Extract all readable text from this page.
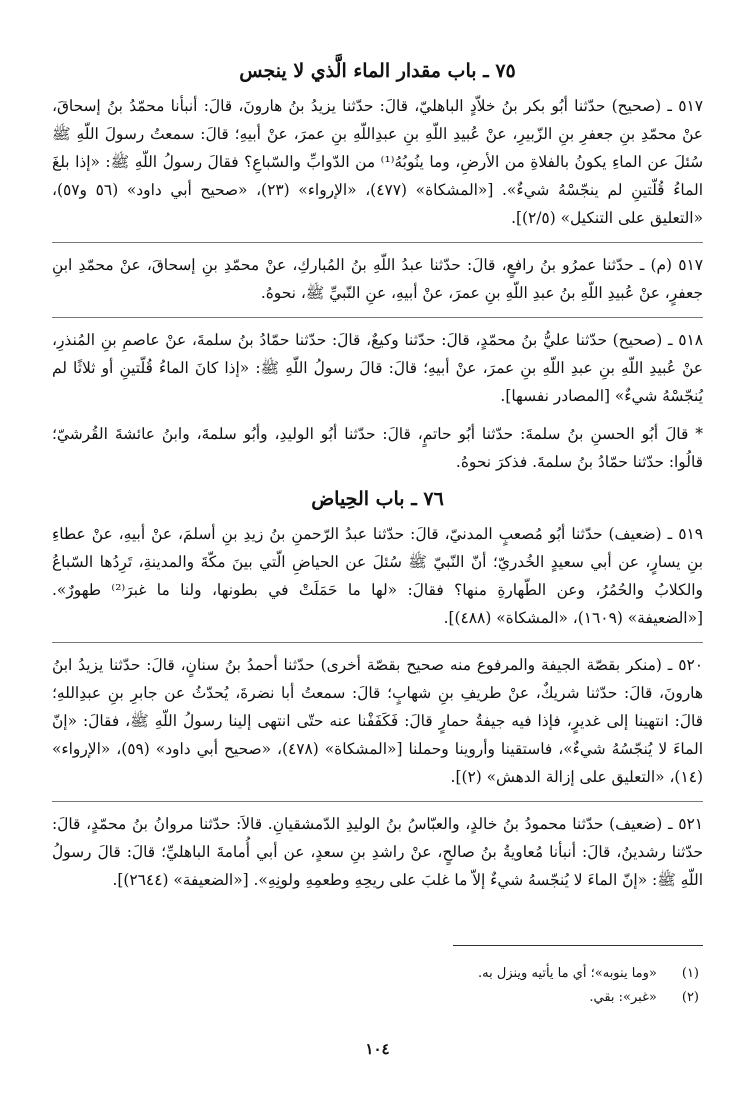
٧٥ ـ باب مقدار الماء الَّذي لا ينجس

٥١٧ ـ (صحيح) حدّثنا أبُو بكر بنُ خلاّدٍ الباهليّ، قالَ: حدّثنا يزيدُ بنُ هارونَ، قالَ: أنبأنا محمّدُ بنُ إسحاقَ، عنْ محمّدِ بنِ جعفرِ بنِ الزّبيرِ، عنْ عُبيدِ اللّهِ بنِ عبدِاللّهِ بنِ عمرَ، عنْ أبيهِ؛ قالَ: سمعتُ رسولَ اللّهِ ﷺ سُئلَ عن الماءِ يكونُ بالفلاةِ من الأرضِ، وما ينُوبُهُ⁽¹⁾ من الدّوابِّ والسّباعِ؟ فقالَ رسولُ اللّهِ ﷺ: «إذا بلغَ الماءُ قُلّتينِ لم ينجّسْهُ شيءٌ». [«المشكاة» (٤٧٧)، «الإرواء» (٢٣)، «صحيح أبي داود» (٥٦ و٥٧)، «التعليق على التنكيل» (٢/٥)].

٥١٧ (م) ـ حدّثنا عمرُو بنُ رافعٍ، قالَ: حدّثنا عبدُ اللّهِ بنُ المُباركِ، عنْ محمّدِ بنِ إسحاقَ، عنْ محمّدِ ابنِ جعفرٍ، عنْ عُبيدِ اللّهِ بنُ عبدِ اللّهِ بنِ عمرَ، عنْ أبيهِ، عنِ النّبيِّ ﷺ، نحوهُ.

٥١٨ ـ (صحيح) حدّثنا عليُّ بنُ محمّدٍ، قالَ: حدّثنا وكيعٌ، قالَ: حدّثنا حمّادُ بنُ سلمةَ، عنْ عاصمِ بنِ المُنذرِ، عنْ عُبيدِ اللّهِ بنِ عبدِ اللّهِ بنِ عمرَ، عنْ أبيهِ؛ قالَ: قالَ رسولُ اللّهِ ﷺ: «إذا كانَ الماءُ قُلّتينِ أو ثلاثًا لم يُنجّسْهُ شيءٌ» [المصادر نفسها].

* قالَ أبُو الحسنِ بنُ سلمةَ: حدّثنا أبُو حاتمٍ، قالَ: حدّثنا أبُو الوليدِ، وأبُو سلمةَ، وابنُ عائشةَ القُرشيّ؛ قالُوا: حدّثنا حمّادُ بنُ سلمةَ. فذكرَ نحوهُ.

٧٦ ـ باب الحِياض

٥١٩ ـ (ضعيف) حدّثنا أبُو مُصعبٍ المدنيّ، قالَ: حدّثنا عبدُ الرّحمنِ بنُ زيدِ بنِ أسلمَ، عنْ أبيهِ، عنْ عطاءِ بنِ يسارٍ، عن أبي سعيدٍ الخُدريّ؛ أنّ النّبيّ ﷺ سُئلَ عن الحياضِ الّتي بينَ مكّةَ والمدينةِ، تَرِدُها السّباعُ والكلابُ والحُمُرُ، وعن الطّهارةِ منها؟ فقالَ: «لها ما حَمَلَتْ في بطونها، ولنا ما غبرَ⁽²⁾ طهورٌ». [«الضعيفة» (١٦٠٩)، «المشكاة» (٤٨٨)].

٥٢٠ ـ (منكر بقصّة الجيفة والمرفوع منه صحيح بقصّة أخرى) حدّثنا أحمدُ بنُ سنانٍ، قالَ: حدّثنا يزيدُ ابنُ هارونَ، قالَ: حدّثنا شريكٌ، عنْ طريفِ بنِ شهابٍ؛ قالَ: سمعتُ أبا نضرةَ، يُحدّثُ عن جابرِ بنِ عبدِاللهِ؛ قالَ: انتهينا إلى غديرٍ، فإذا فيه جيفةُ حمارٍ قالَ: فَكَفَفْنا عنه حتّى انتهى إلينا رسولُ اللّهِ ﷺ، فقالَ: «إنّ الماءَ لا يُنجّسُهُ شيءٌ»، فاستقينا وأروينا وحملنا [«المشكاة» (٤٧٨)، «صحيح أبي داود» (٥٩)، «الإرواء» (١٤)، «التعليق على إزالة الدهش» (٢)].

٥٢١ ـ (ضعيف) حدّثنا محمودُ بنُ خالدٍ، والعبّاسُ بنُ الوليدِ الدّمشقيانِ. قالاَ: حدّثنا مروانُ بنُ محمّدٍ، قالَ: حدّثنا رشدينُ، قالَ: أنبأنا مُعاويةُ بنُ صالحٍ، عنْ راشدِ بنِ سعدٍ، عن أبي أُمامةَ الباهليِّ؛ قالَ: قالَ رسولُ اللّهِ ﷺ: «إنّ الماءَ لا يُنجّسهُ شيءٌ إلاّ ما غلبَ على ريحِهِ وطعمِهِ ولونِهِ». [«الضعيفة» (٢٦٤٤)].

(١) «وما ينوبه»؛ أي ما يأتيه وينزل به.
(٢) «غبر»: بقي.
١٠٤
